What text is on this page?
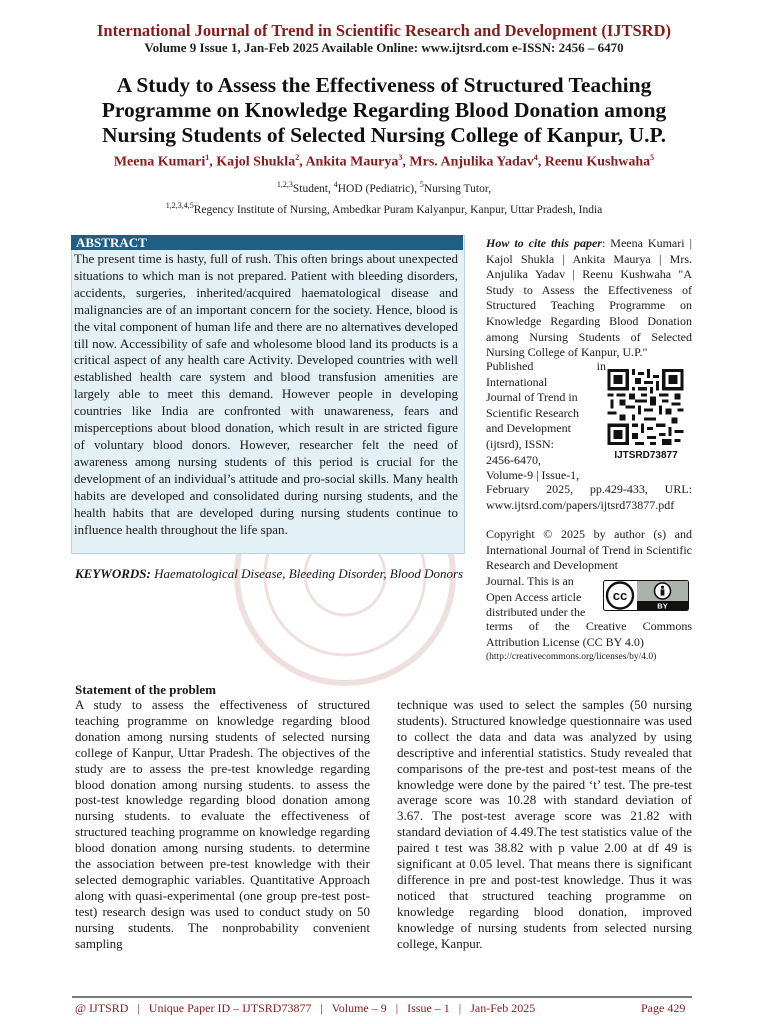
International Journal of Trend in Scientific Research and Development (IJTSRD)
Volume 9 Issue 1, Jan-Feb 2025 Available Online: www.ijtsrd.com e-ISSN: 2456 – 6470
A Study to Assess the Effectiveness of Structured Teaching
Programme on Knowledge Regarding Blood Donation among
Nursing Students of Selected Nursing College of Kanpur, U.P.
Meena Kumari$^1$, Kajol Shukla$^2$, Ankita Maurya$^3$, Mrs. Anjulika Yadav$^4$, Reenu Kushwaha$^5$
$^{1,2,3}$Student, $^4$HOD (Pediatric), $^5$Nursing Tutor,
$^{1,2,3,4,5}$Regency Institute of Nursing, Ambedkar Puram Kalyanpur, Kanpur, Uttar Pradesh, India
ABSTRACT
The present time is hasty, full of rush. This often brings about unexpected situations to which man is not prepared. Patient with bleeding disorders, accidents, surgeries, inherited/acquired haematological disease and malignancies are of an important concern for the society. Hence, blood is the vital component of human life and there are no alternatives developed till now. Accessibility of safe and wholesome blood land its products is a critical aspect of any health care Activity. Developed countries with well established health care system and blood transfusion amenities are largely able to meet this demand. However people in developing countries like India are confronted with unawareness, fears and misperceptions about blood donation, which result in are stricted figure of voluntary blood donors. However, researcher felt the need of awareness among nursing students of this period is crucial for the development of an individual’s attitude and pro-social skills. Many health habits are developed and consolidated during nursing students, and the health habits that are developed during nursing students continue to influence health throughout the life span.
KEYWORDS: Haematological Disease, Bleeding Disorder, Blood Donors
How to cite this paper: Meena Kumari | Kajol Shukla | Ankita Maurya | Mrs. Anjulika Yadav | Reenu Kushwaha "A Study to Assess the Effectiveness of Structured Teaching Programme on Knowledge Regarding Blood Donation among Nursing Students of Selected Nursing College of Kanpur, U.P."
Published	in
International
Journal of Trend in
Scientific Research
and Development
(ijtsrd), ISSN:
2456-6470,
Volume-9 | Issue-1,
IJTSRD73877
February 2025, pp.429-433, URL: www.ijtsrd.com/papers/ijtsrd73877.pdf
Copyright © 2025 by author (s) and International Journal of Trend in Scientific Research and Development
Journal. This is an
Open Access article
distributed under the
cc
BY
terms of the Creative Commons Attribution License (CC BY 4.0)
(http://creativecommons.org/licenses/by/4.0)
Statement of the problem
A study to assess the effectiveness of structured teaching programme on knowledge regarding blood donation among nursing students of selected nursing college of Kanpur, Uttar Pradesh. The objectives of the study are to assess the pre-test knowledge regarding blood donation among nursing students. to assess the post-test knowledge regarding blood donation among nursing students. to evaluate the effectiveness of structured teaching programme on knowledge regarding blood donation among nursing students. to determine the association between pre-test knowledge with their selected demographic variables. Quantitative Approach along with quasi-experimental (one group pre-test post-test) research design was used to conduct study on 50 nursing students. The nonprobability convenient sampling
technique was used to select the samples (50 nursing students). Structured knowledge questionnaire was used to collect the data and data was analyzed by using descriptive and inferential statistics. Study revealed that comparisons of the pre-test and post-test means of the knowledge were done by the paired ‘t’ test. The pre-test average score was 10.28 with standard deviation of 3.67. The post-test average score was 21.82 with standard deviation of 4.49.The test statistics value of the paired t test was 38.82 with p value 2.00 at df 49 is significant at 0.05 level. That means there is significant difference in pre and post-test knowledge. Thus it was noticed that structured teaching programme on knowledge regarding blood donation, improved knowledge of nursing students from selected nursing college, Kanpur.
@ IJTSRD   |   Unique Paper ID – IJTSRD73877   |   Volume – 9   |   Issue – 1   |   Jan-Feb 2025	Page 429
